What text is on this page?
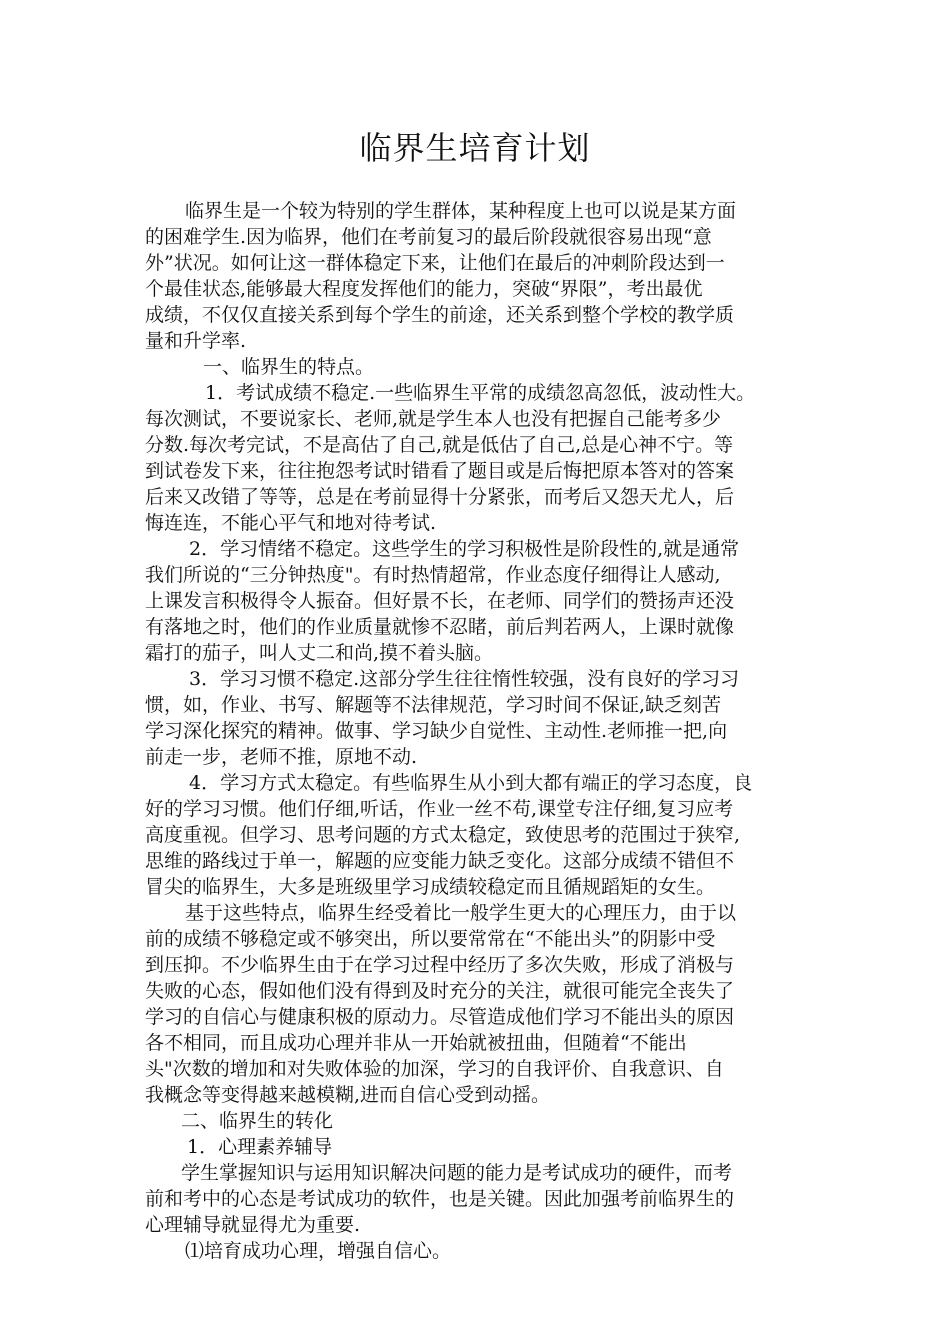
临界生培育计划
临界生是一个较为特别的学生群体，某种程度上也可以说是某方面
的困难学生.因为临界，他们在考前复习的最后阶段就很容易出现“意
外”状况。如何让这一群体稳定下来，让他们在最后的冲刺阶段达到一
个最佳状态,能够最大程度发挥他们的能力，突破“界限”，考出最优
成绩，不仅仅直接关系到每个学生的前途，还关系到整个学校的教学质
量和升学率.
一、临界生的特点。
1．考试成绩不稳定.一些临界生平常的成绩忽高忽低，波动性大。
每次测试，不要说家长、老师,就是学生本人也没有把握自己能考多少
分数.每次考完试，不是高估了自己,就是低估了自己,总是心神不宁。等
到试卷发下来，往往抱怨考试时错看了题目或是后悔把原本答对的答案
后来又改错了等等，总是在考前显得十分紧张，而考后又怨天尤人，后
悔连连，不能心平气和地对待考试.
2．学习情绪不稳定。这些学生的学习积极性是阶段性的,就是通常
我们所说的“三分钟热度"。有时热情超常，作业态度仔细得让人感动,
上课发言积极得令人振奋。但好景不长，在老师、同学们的赞扬声还没
有落地之时，他们的作业质量就惨不忍睹，前后判若两人，上课时就像
霜打的茄子，叫人丈二和尚,摸不着头脑。
3．学习习惯不稳定.这部分学生往往惰性较强，没有良好的学习习
惯，如，作业、书写、解题等不法律规范，学习时间不保证,缺乏刻苦
学习深化探究的精神。做事、学习缺少自觉性、主动性.老师推一把,向
前走一步，老师不推，原地不动.
4．学习方式太稳定。有些临界生从小到大都有端正的学习态度，良
好的学习习惯。他们仔细,听话，作业一丝不苟,课堂专注仔细,复习应考
高度重视。但学习、思考问题的方式太稳定，致使思考的范围过于狭窄,
思维的路线过于单一，解题的应变能力缺乏变化。这部分成绩不错但不
冒尖的临界生，大多是班级里学习成绩较稳定而且循规蹈矩的女生。
基于这些特点，临界生经受着比一般学生更大的心理压力，由于以
前的成绩不够稳定或不够突出，所以要常常在“不能出头”的阴影中受
到压抑。不少临界生由于在学习过程中经历了多次失败，形成了消极与
失败的心态，假如他们没有得到及时充分的关注，就很可能完全丧失了
学习的自信心与健康积极的原动力。尽管造成他们学习不能出头的原因
各不相同，而且成功心理并非从一开始就被扭曲，但随着“不能出
头"次数的增加和对失败体验的加深，学习的自我评价、自我意识、自
我概念等变得越来越模糊,进而自信心受到动摇。
二、临界生的转化
1．心理素养辅导
学生掌握知识与运用知识解决问题的能力是考试成功的硬件，而考
前和考中的心态是考试成功的软件，也是关键。因此加强考前临界生的
心理辅导就显得尤为重要.
⑴培育成功心理，增强自信心。
